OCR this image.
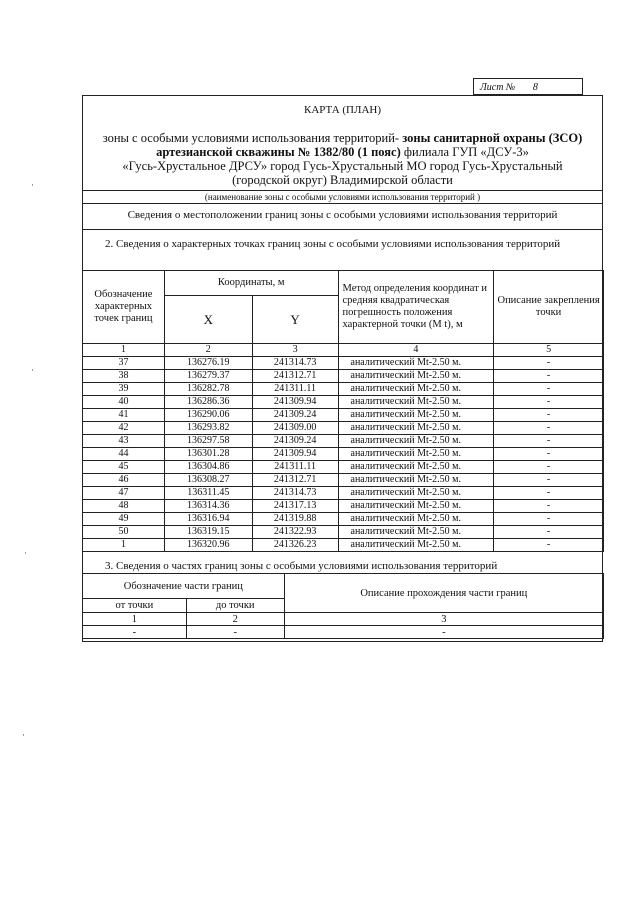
Лист № 8
КАРТА (ПЛАН)
зоны с особыми условиями использования территорий- зоны санитарной охраны (ЗСО)
артезианской скважины № 1382/80 (1 пояс) филиала ГУП «ДСУ-3»
«Гусь-Хрустальное ДРСУ» город Гусь-Хрустальный МО город Гусь-Хрустальный
(городской округ) Владимирской области
(наименование зоны с особыми условиями использования территорий )
Сведения о местоположении границ зоны с особыми условиями использования территорий
2. Сведения о характерных точках границ зоны с особыми условиями использования территорий
Обозначение характерных точек границ	Координаты, м		Метод определения координат и средняя квадратическая погрешность положения характерной точки (M t), м	Описание закрепления точки
	X	Y		
1	2	3	4	5
37	136276.19	241314.73	аналитический Mt-2.50 м.	-
38	136279.37	241312.71	аналитический Mt-2.50 м.	-
39	136282.78	241311.11	аналитический Mt-2.50 м.	-
40	136286.36	241309.94	аналитический Mt-2.50 м.	-
41	136290.06	241309.24	аналитический Mt-2.50 м.	-
42	136293.82	241309.00	аналитический Mt-2.50 м.	-
43	136297.58	241309.24	аналитический Mt-2.50 м.	-
44	136301.28	241309.94	аналитический Mt-2.50 м.	-
45	136304.86	241311.11	аналитический Mt-2.50 м.	-
46	136308.27	241312.71	аналитический Mt-2.50 м.	-
47	136311.45	241314.73	аналитический Mt-2.50 м.	-
48	136314.36	241317.13	аналитический Mt-2.50 м.	-
49	136316.94	241319.88	аналитический Mt-2.50 м.	-
50	136319.15	241322.93	аналитический Mt-2.50 м.	-
1	136320.96	241326.23	аналитический Mt-2.50 м.	-
3. Сведения о частях границ зоны с особыми условиями использования территорий
Обозначение части границ		Описание прохождения части границ
от точки	до точки	
1	2	3
-	-	-
·
·
·
·
